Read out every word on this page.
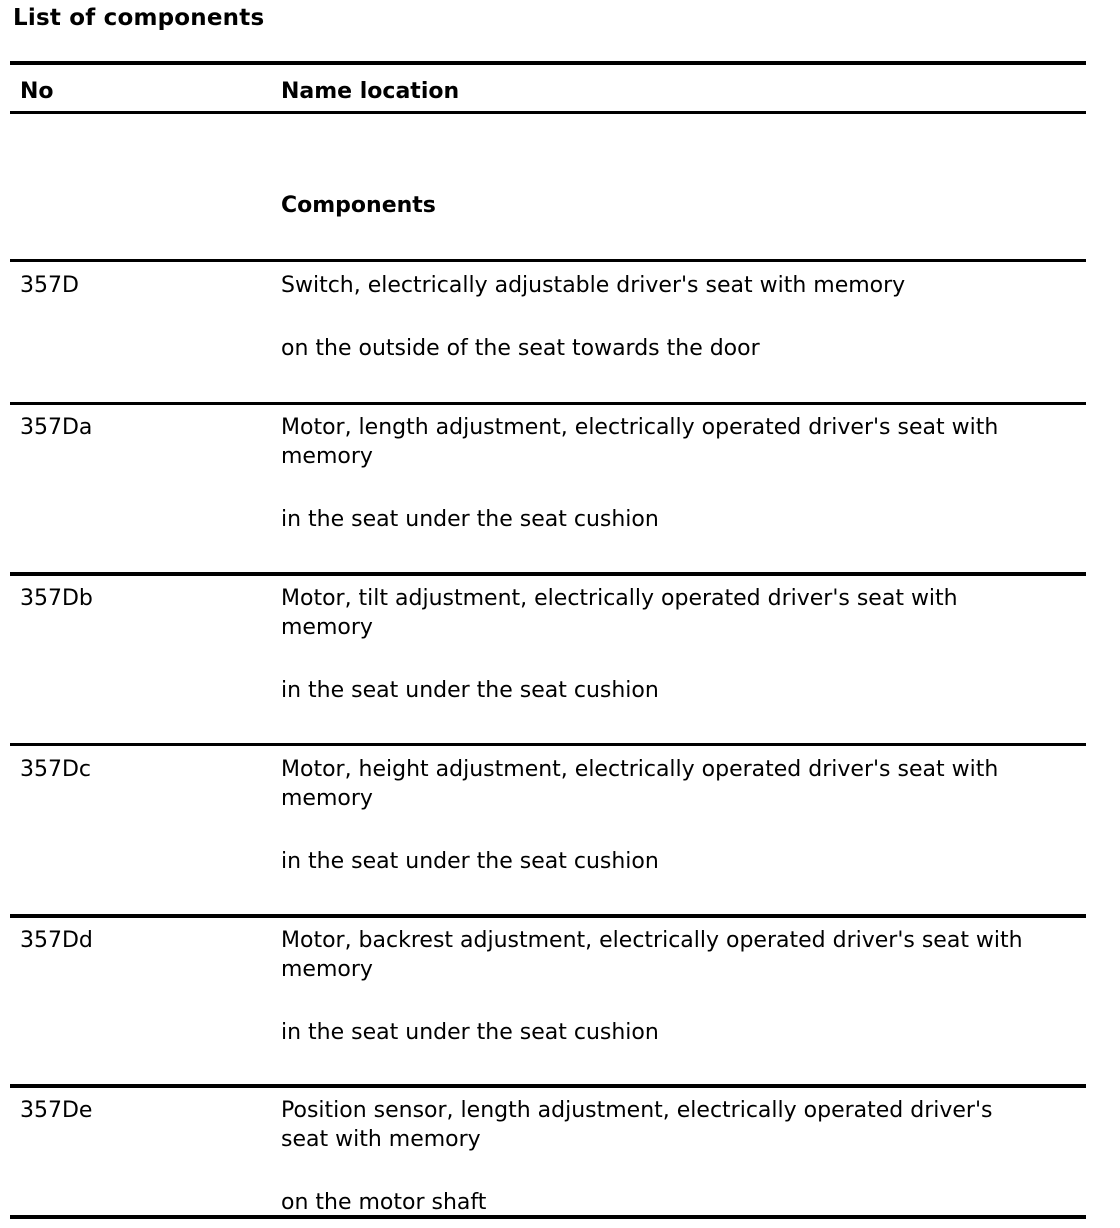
List of components
No	Name location
Components
357D	Switch, electrically adjustable driver's seat with memory
on the outside of the seat towards the door
357Da	Motor, length adjustment, electrically operated driver's seat with
memory
in the seat under the seat cushion
357Db	Motor, tilt adjustment, electrically operated driver's seat with
memory
in the seat under the seat cushion
357Dc	Motor, height adjustment, electrically operated driver's seat with
memory
in the seat under the seat cushion
357Dd	Motor, backrest adjustment, electrically operated driver's seat with
memory
in the seat under the seat cushion
357De	Position sensor, length adjustment, electrically operated driver's
seat with memory
on the motor shaft
